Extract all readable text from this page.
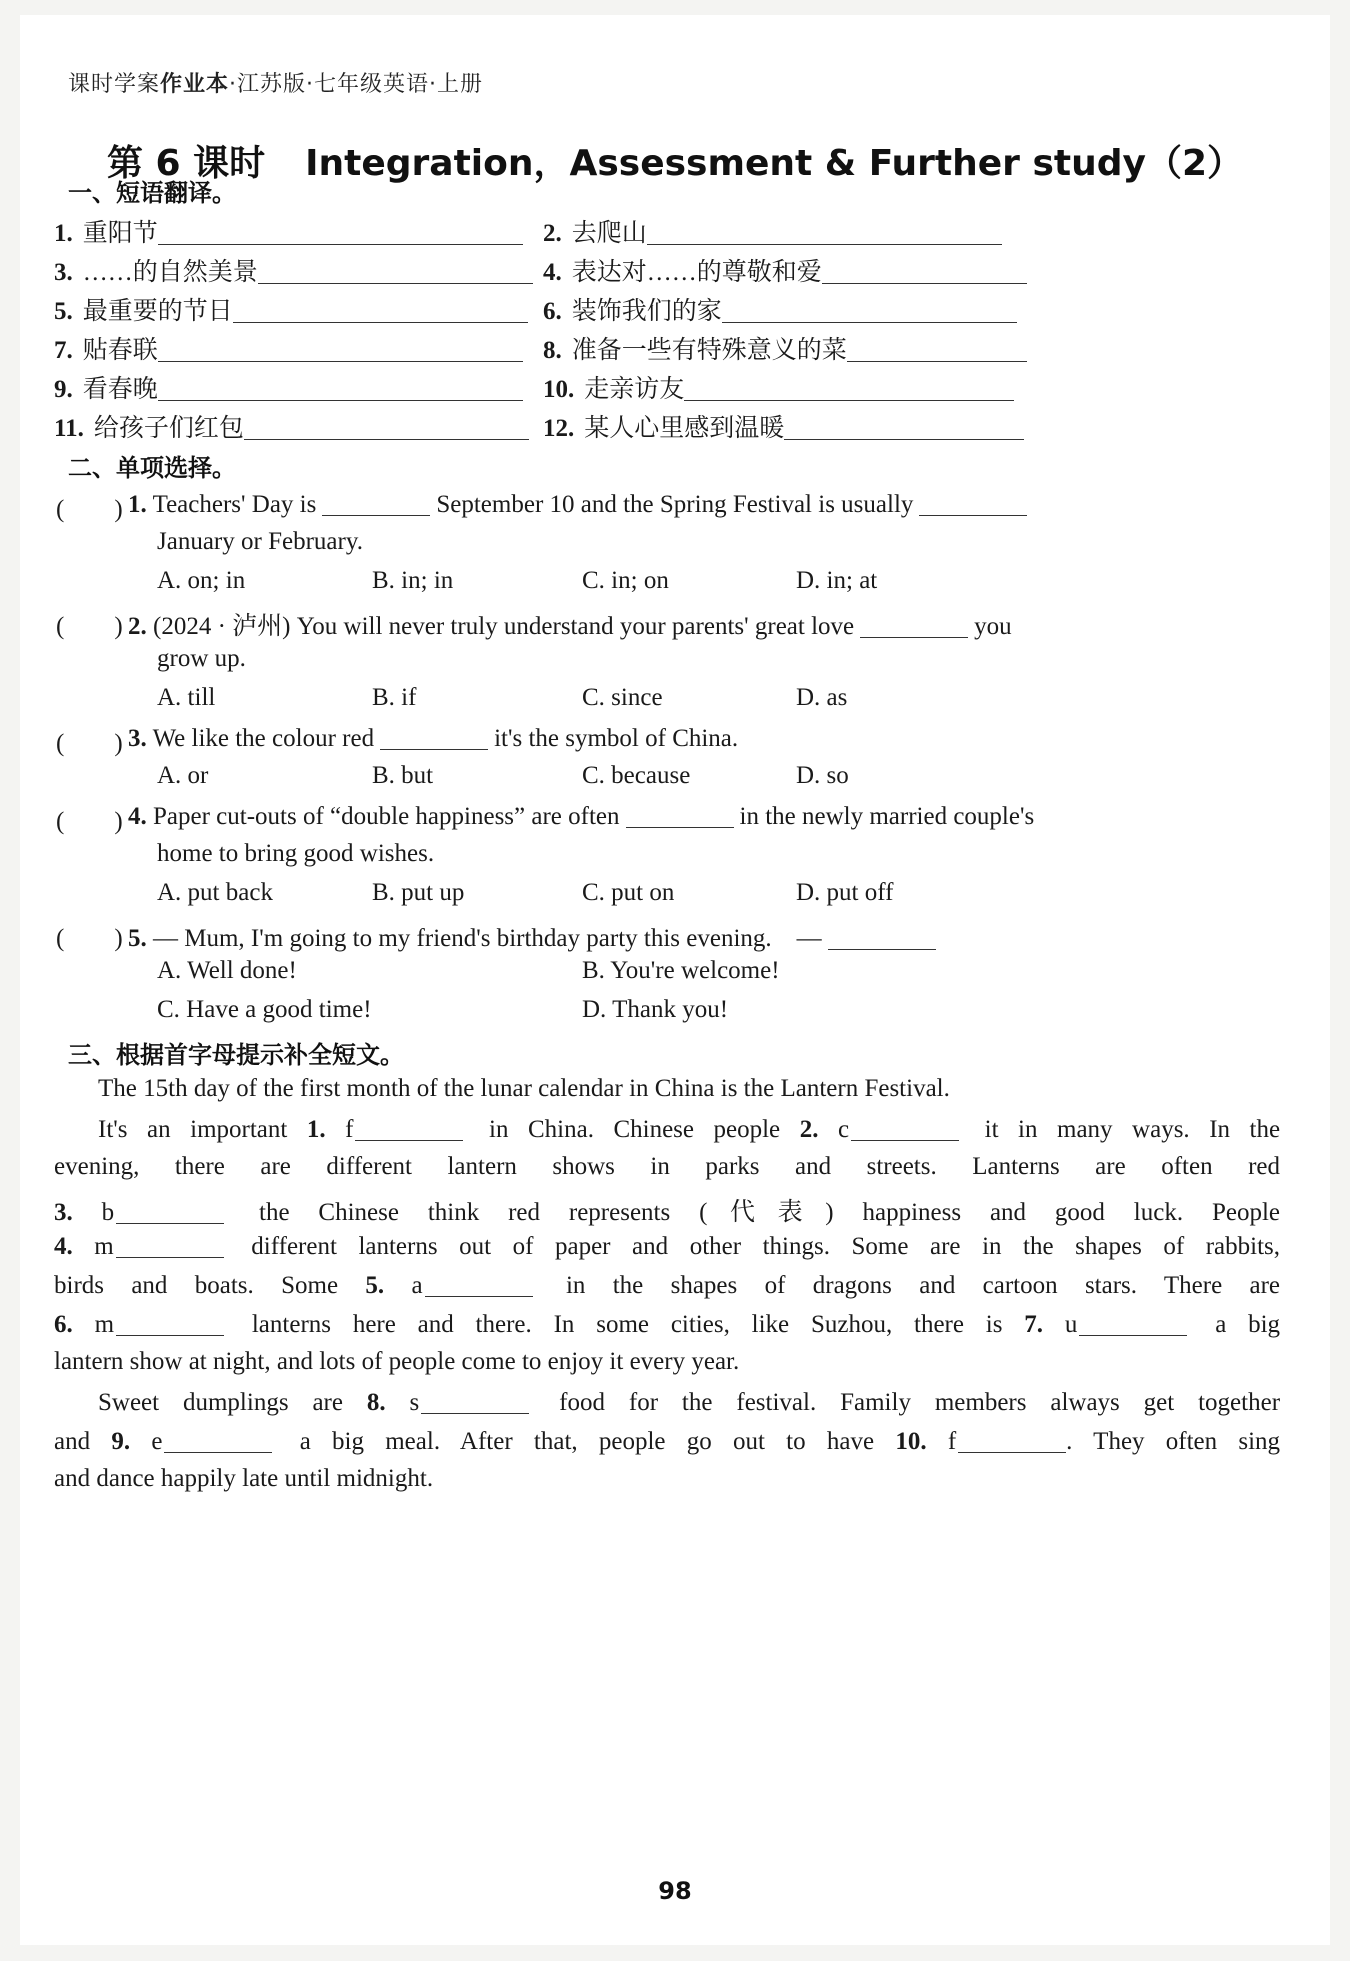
课时学案作业本·江苏版·七年级英语·上册
第 6 课时 Integration，Assessment & Further study（2）
一、短语翻译。
1. 重阳节	2. 去爬山
3. ……的自然美景	4. 表达对……的尊敬和爱
5. 最重要的节日	6. 装饰我们的家
7. 贴春联	8. 准备一些有特殊意义的菜
9. 看春晚	10. 走亲访友
11. 给孩子们红包	12. 某人心里感到温暖
二、单项选择。
(　　) 1. Teachers' Day is	September 10 and the Spring Festival is usually
January or February.
A. on; in	B. in; in	C. in; on	D. in; at
(　　) 2. (2024 · 泸州) You will never truly understand your parents' great love	you
grow up.
A. till	B. if	C. since	D. as
(　　) 3. We like the colour red	it's the symbol of China.
A. or	B. but	C. because	D. so
(　　) 4. Paper cut-outs of “double happiness” are often	in the newly married couple's
home to bring good wishes.
A. put back	B. put up	C. put on	D. put off
(　　) 5. — Mum, I'm going to my friend's birthday party this evening.　 —
A. Well done!	B. You're welcome!
C. Have a good time!	D. Thank you!
三、根据首字母提示补全短文。
The 15th day of the first month of the lunar calendar in China is the Lantern Festival.
It's an important 1. f	in China. Chinese people 2. c	it in many ways. In the
evening, there are different lantern shows in parks and streets. Lanterns are often red
3. b	the Chinese think red represents (代表) happiness and good luck. People
4. m	different lanterns out of paper and other things. Some are in the shapes of rabbits,
birds and boats. Some 5. a	in the shapes of dragons and cartoon stars. There are
6. m	lanterns here and there. In some cities, like Suzhou, there is 7. u	a big
lantern show at night, and lots of people come to enjoy it every year.
Sweet dumplings are 8. s	food for the festival. Family members always get together
and 9. e	a big meal. After that, people go out to have 10. f	. They often sing
and dance happily late until midnight.
98
